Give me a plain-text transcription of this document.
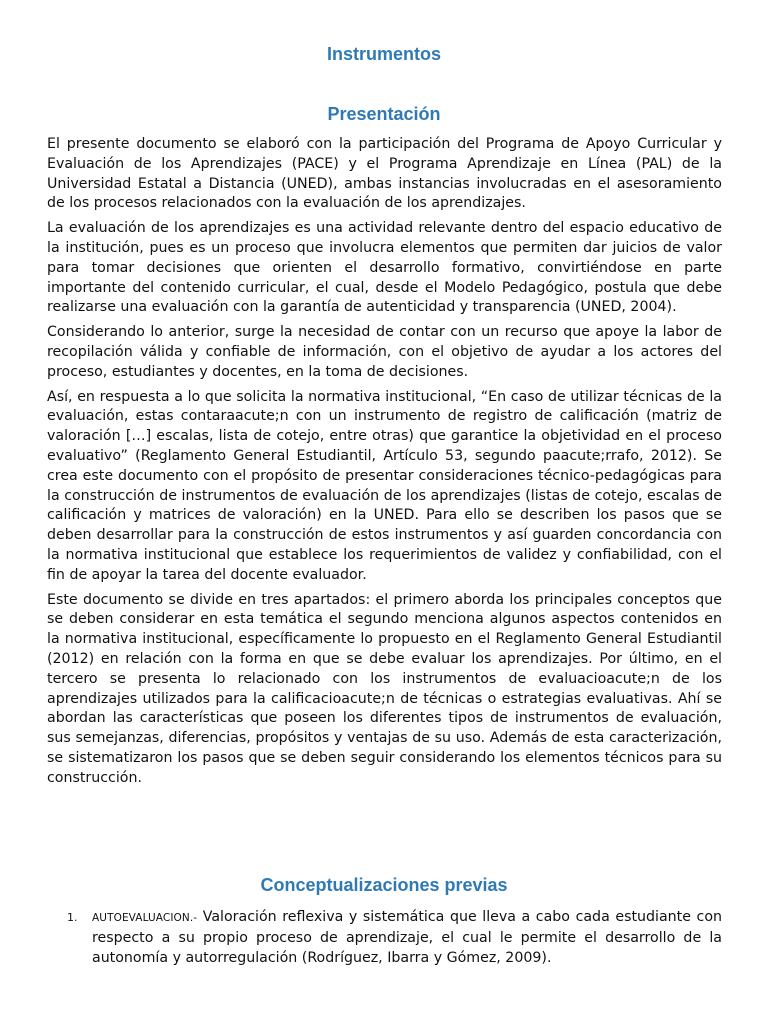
Instrumentos
Presentación

El presente documento se elaboró con la participación del Programa de Apoyo Curricular y Evaluación de los Aprendizajes (PACE) y el Programa Aprendizaje en Línea (PAL) de la Universidad Estatal a Distancia (UNED), ambas instancias involucradas en el asesoramiento de los procesos relacionados con la evaluación de los aprendizajes.

La evaluación de los aprendizajes es una actividad relevante dentro del espacio educativo de la institución, pues es un proceso que involucra elementos que permiten dar juicios de valor para tomar decisiones que orienten el desarrollo formativo, convirtiéndose en parte importante del contenido curricular, el cual, desde el Modelo Pedagógico, postula que debe realizarse una evaluación con la garantía de autenticidad y transparencia (UNED, 2004).

Considerando lo anterior, surge la necesidad de contar con un recurso que apoye la labor de recopilación válida y confiable de información, con el objetivo de ayudar a los actores del proceso, estudiantes y docentes, en la toma de decisiones.

Así, en respuesta a lo que solicita la normativa institucional, “En caso de utilizar técnicas de la evaluación, estas contaraacute;n con un instrumento de registro de calificación (matriz de valoración […] escalas, lista de cotejo, entre otras) que garantice la objetividad en el proceso evaluativo” (Reglamento General Estudiantil, Artículo 53, segundo paacute;rrafo, 2012). Se crea este documento con el propósito de presentar consideraciones técnico-pedagógicas para la construcción de instrumentos de evaluación de los aprendizajes (listas de cotejo, escalas de calificación y matrices de valoración) en la UNED. Para ello se describen los pasos que se deben desarrollar para la construcción de estos instrumentos y así guarden concordancia con la normativa institucional que establece los requerimientos de validez y confiabilidad, con el fin de apoyar la tarea del docente evaluador.

Este documento se divide en tres apartados: el primero aborda los principales conceptos que se deben considerar en esta temática el segundo menciona algunos aspectos contenidos en la normativa institucional, específicamente lo propuesto en el Reglamento General Estudiantil (2012) en relación con la forma en que se debe evaluar los aprendizajes. Por último, en el tercero se presenta lo relacionado con los instrumentos de evaluacioacute;n de los aprendizajes utilizados para la calificacioacute;n de técnicas o estrategias evaluativas. Ahí se abordan las características que poseen los diferentes tipos de instrumentos de evaluación, sus semejanzas, diferencias, propósitos y ventajas de su uso. Además de esta caracterización, se sistematizaron los pasos que se deben seguir considerando los elementos técnicos para su construcción.

Conceptualizaciones previas
1. AUTOEVALUACION.- Valoración reflexiva y sistemática que lleva a cabo cada estudiante con respecto a su propio proceso de aprendizaje, el cual le permite el desarrollo de la autonomía y autorregulación (Rodríguez, Ibarra y Gómez, 2009).
